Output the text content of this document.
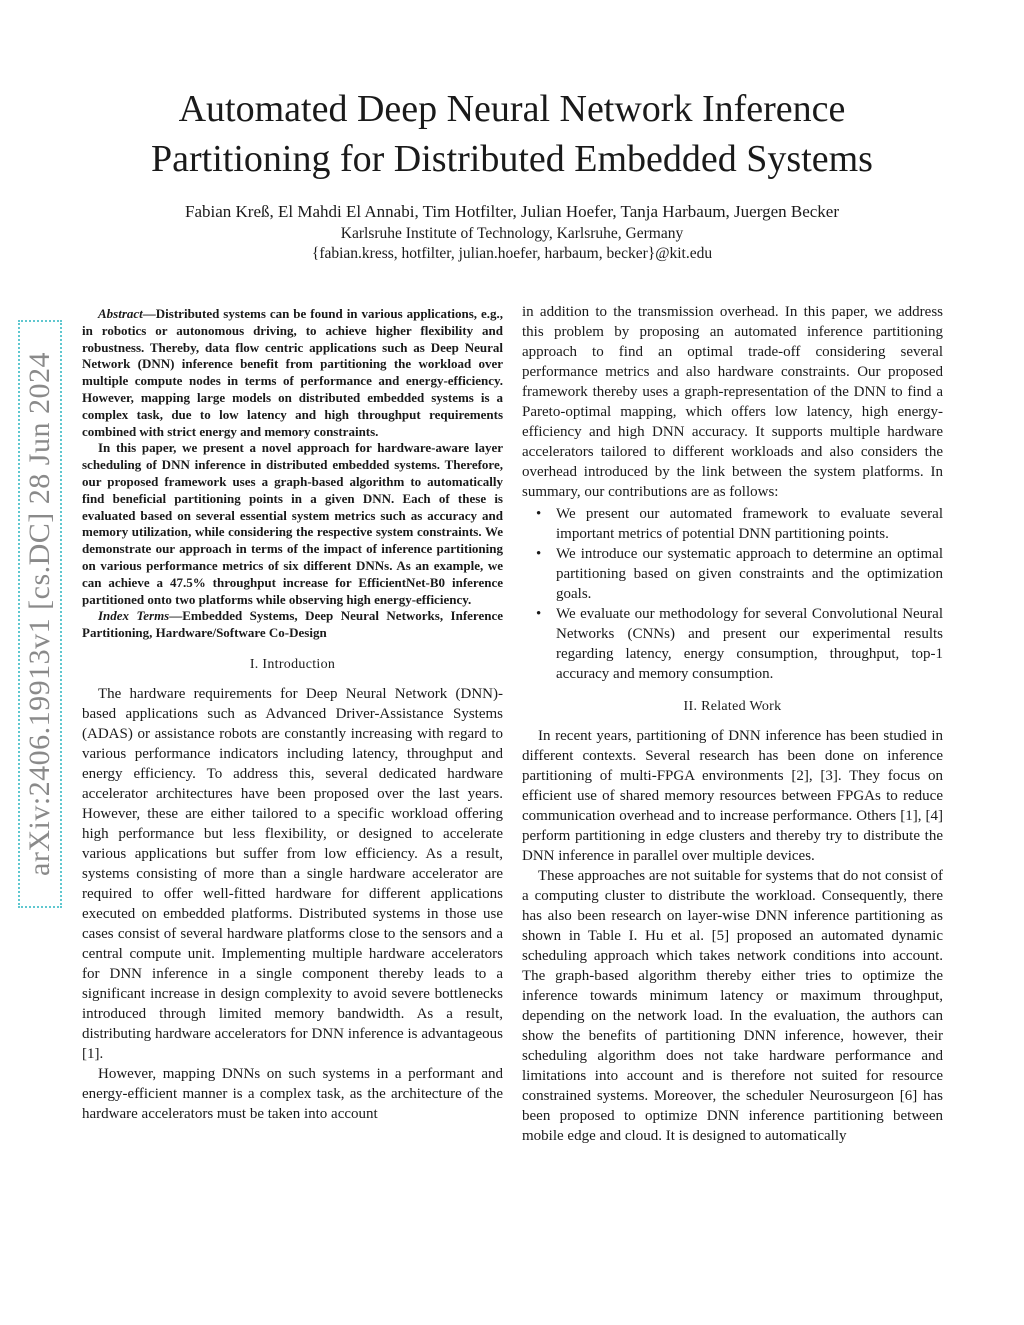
Automated Deep Neural Network Inference
Partitioning for Distributed Embedded Systems
Fabian Kreß, El Mahdi El Annabi, Tim Hotfilter, Julian Hoefer, Tanja Harbaum, Juergen Becker
Karlsruhe Institute of Technology, Karlsruhe, Germany
{fabian.kress, hotfilter, julian.hoefer, harbaum, becker}@kit.edu
arXiv:2406.19913v1 [cs.DC] 28 Jun 2024

Abstract—Distributed systems can be found in various applications, e.g., in robotics or autonomous driving, to achieve higher flexibility and robustness. Thereby, data flow centric applications such as Deep Neural Network (DNN) inference benefit from partitioning the workload over multiple compute nodes in terms of performance and energy-efficiency. However, mapping large models on distributed embedded systems is a complex task, due to low latency and high throughput requirements combined with strict energy and memory constraints.

In this paper, we present a novel approach for hardware-aware layer scheduling of DNN inference in distributed embedded systems. Therefore, our proposed framework uses a graph-based algorithm to automatically find beneficial partitioning points in a given DNN. Each of these is evaluated based on several essential system metrics such as accuracy and memory utilization, while considering the respective system constraints. We demonstrate our approach in terms of the impact of inference partitioning on various performance metrics of six different DNNs. As an example, we can achieve a 47.5% throughput increase for EfficientNet-B0 inference partitioned onto two platforms while observing high energy-efficiency.

Index Terms—Embedded Systems, Deep Neural Networks, Inference Partitioning, Hardware/Software Co-Design

I. Introduction

The hardware requirements for Deep Neural Network (DNN)-based applications such as Advanced Driver-Assistance Systems (ADAS) or assistance robots are constantly increasing with regard to various performance indicators including latency, throughput and energy efficiency. To address this, several dedicated hardware accelerator architectures have been proposed over the last years. However, these are either tailored to a specific workload offering high performance but less flexibility, or designed to accelerate various applications but suffer from low efficiency. As a result, systems consisting of more than a single hardware accelerator are required to offer well-fitted hardware for different applications executed on embedded platforms. Distributed systems in those use cases consist of several hardware platforms close to the sensors and a central compute unit. Implementing multiple hardware accelerators for DNN inference in a single component thereby leads to a significant increase in design complexity to avoid severe bottlenecks introduced through limited memory bandwidth. As a result, distributing hardware accelerators for DNN inference is advantageous [1].

However, mapping DNNs on such systems in a performant and energy-efficient manner is a complex task, as the architecture of the hardware accelerators must be taken into account

in addition to the transmission overhead. In this paper, we address this problem by proposing an automated inference partitioning approach to find an optimal trade-off considering several performance metrics and also hardware constraints. Our proposed framework thereby uses a graph-representation of the DNN to find a Pareto-optimal mapping, which offers low latency, high energy-efficiency and high DNN accuracy. It supports multiple hardware accelerators tailored to different workloads and also considers the overhead introduced by the link between the system platforms. In summary, our contributions are as follows:

• We present our automated framework to evaluate several important metrics of potential DNN partitioning points.
• We introduce our systematic approach to determine an optimal partitioning based on given constraints and the optimization goals.
• We evaluate our methodology for several Convolutional Neural Networks (CNNs) and present our experimental results regarding latency, energy consumption, throughput, top-1 accuracy and memory consumption.
II. Related Work

In recent years, partitioning of DNN inference has been studied in different contexts. Several research has been done on inference partitioning of multi-FPGA environments [2], [3]. They focus on efficient use of shared memory resources between FPGAs to reduce communication overhead and to increase performance. Others [1], [4] perform partitioning in edge clusters and thereby try to distribute the DNN inference in parallel over multiple devices.

These approaches are not suitable for systems that do not consist of a computing cluster to distribute the workload. Consequently, there has also been research on layer-wise DNN inference partitioning as shown in Table I. Hu et al. [5] proposed an automated dynamic scheduling approach which takes network conditions into account. The graph-based algorithm thereby either tries to optimize the inference towards minimum latency or maximum throughput, depending on the network load. In the evaluation, the authors can show the benefits of partitioning DNN inference, however, their scheduling algorithm does not take hardware performance and limitations into account and is therefore not suited for resource constrained systems. Moreover, the scheduler Neurosurgeon [6] has been proposed to optimize DNN inference partitioning between mobile edge and cloud. It is designed to automatically
